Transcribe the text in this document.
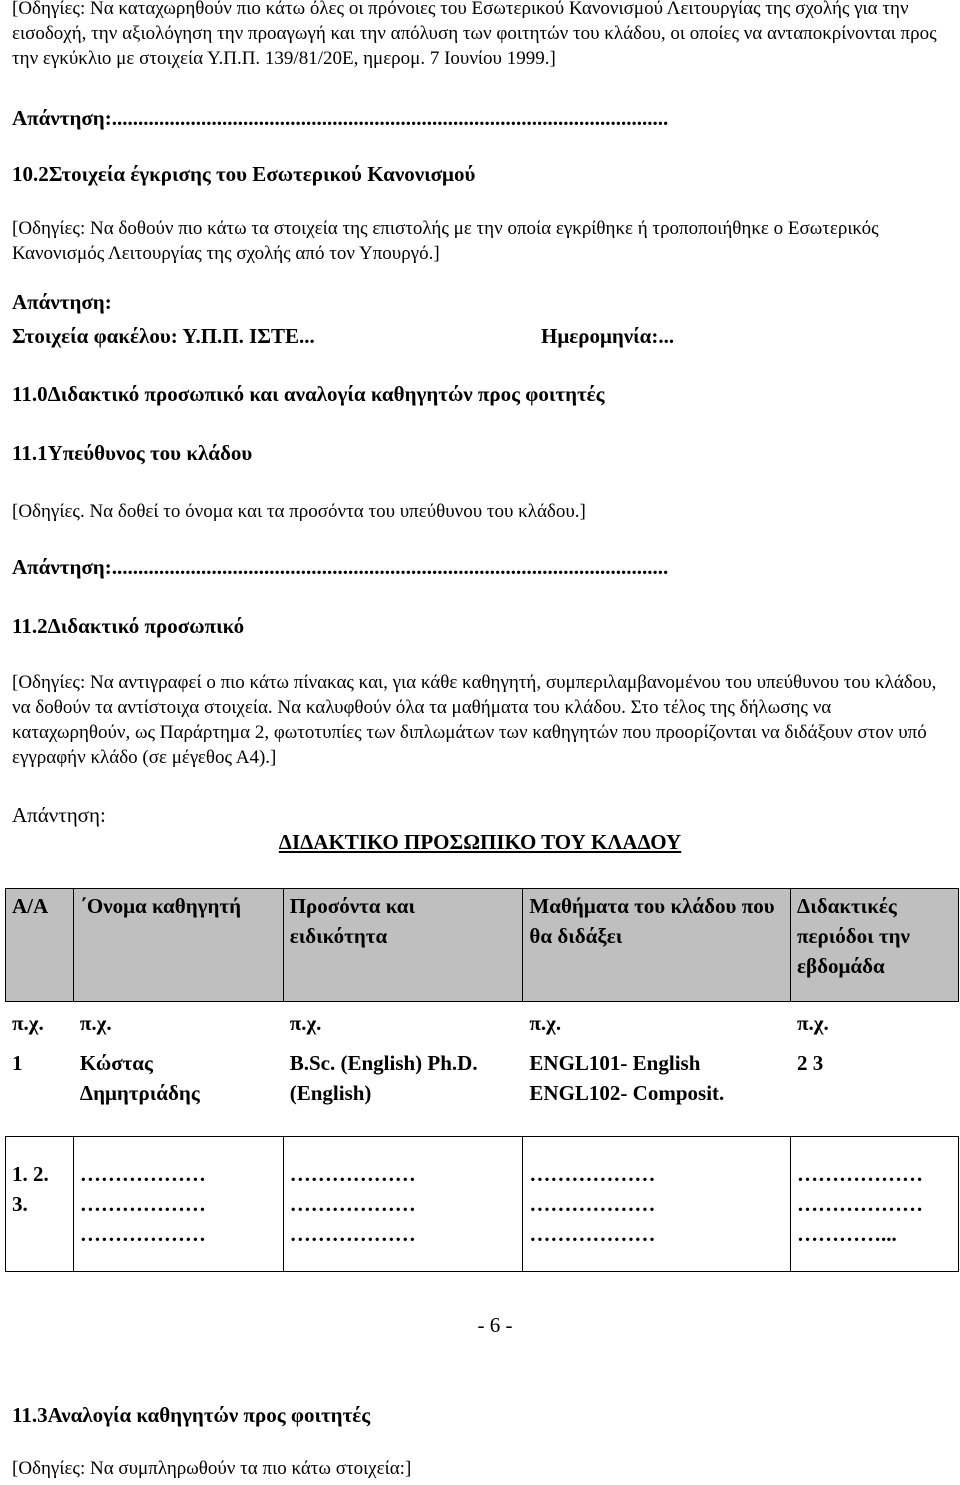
[Οδηγίες: Να καταχωρηθούν πιο κάτω όλες οι πρόνοιες του Εσωτερικού Κανονισμού Λειτουργίας της σχολής για την εισοδοχή, την αξιολόγηση την προαγωγή και την απόλυση των φοιτητών του κλάδου, οι οποίες να ανταποκρίνονται προς την εγκύκλιο με στοιχεία Υ.Π.Π. 139/81/20Ε, ημερομ. 7 Ιουνίου 1999.]

Απάντηση:..........................................................................................................
10.2Στοιχεία έγκρισης του Εσωτερικού Κανονισμού

[Οδηγίες: Να δοθούν πιο κάτω τα στοιχεία της επιστολής με την οποία εγκρίθηκε ή τροποποιήθηκε ο Εσωτερικός Κανονισμός Λειτουργίας της σχολής από τον Υπουργό.]

Απάντηση:
Στοιχεία φακέλου: Υ.Π.Π. ΙΣΤΕ...	Ημερομηνία:...
11.0Διδακτικό προσωπικό και αναλογία καθηγητών προς φοιτητές
11.1Υπεύθυνος του κλάδου

[Οδηγίες. Να δοθεί το όνομα και τα προσόντα του υπεύθυνου του κλάδου.]

Απάντηση:..........................................................................................................
11.2Διδακτικό προσωπικό

[Οδηγίες: Να αντιγραφεί ο πιο κάτω πίνακας και, για κάθε καθηγητή, συμπεριλαμβανομένου του υπεύθυνου του κλάδου, να δοθούν τα αντίστοιχα στοιχεία. Να καλυφθούν όλα τα μαθήματα του κλάδου. Στο τέλος της δήλωσης να καταχωρηθούν, ως Παράρτημα 2, φωτοτυπίες των διπλωμάτων των καθηγητών που προορίζονται να διδάξουν στον υπό εγγραφήν κλάδο (σε μέγεθος Α4).]

Απάντηση:
ΔΙΔΑΚΤΙΚΟ ΠΡΟΣΩΠΙΚΟ ΤΟΥ ΚΛΑΔΟΥ
Α/Α	΄Ονομα καθηγητή	Προσόντα και ειδικότητα	Μαθήματα του κλάδου που θα διδάξει	Διδακτικές περιόδοι την εβδομάδα
π.χ.	π.χ.	π.χ.	π.χ.	π.χ.
1	Κώστας Δημητριάδης	B.Sc. (English) Ph.D. (English)	ENGL101- English ENGL102- Composit.	2 3
1. 2. 3.	……………… ……………… ………………	……………… ……………… ………………	……………… ……………… ………………	……………… ……………… …………...
- 6 -
11.3Αναλογία καθηγητών προς φοιτητές

[Οδηγίες: Να συμπληρωθούν τα πιο κάτω στοιχεία:]
